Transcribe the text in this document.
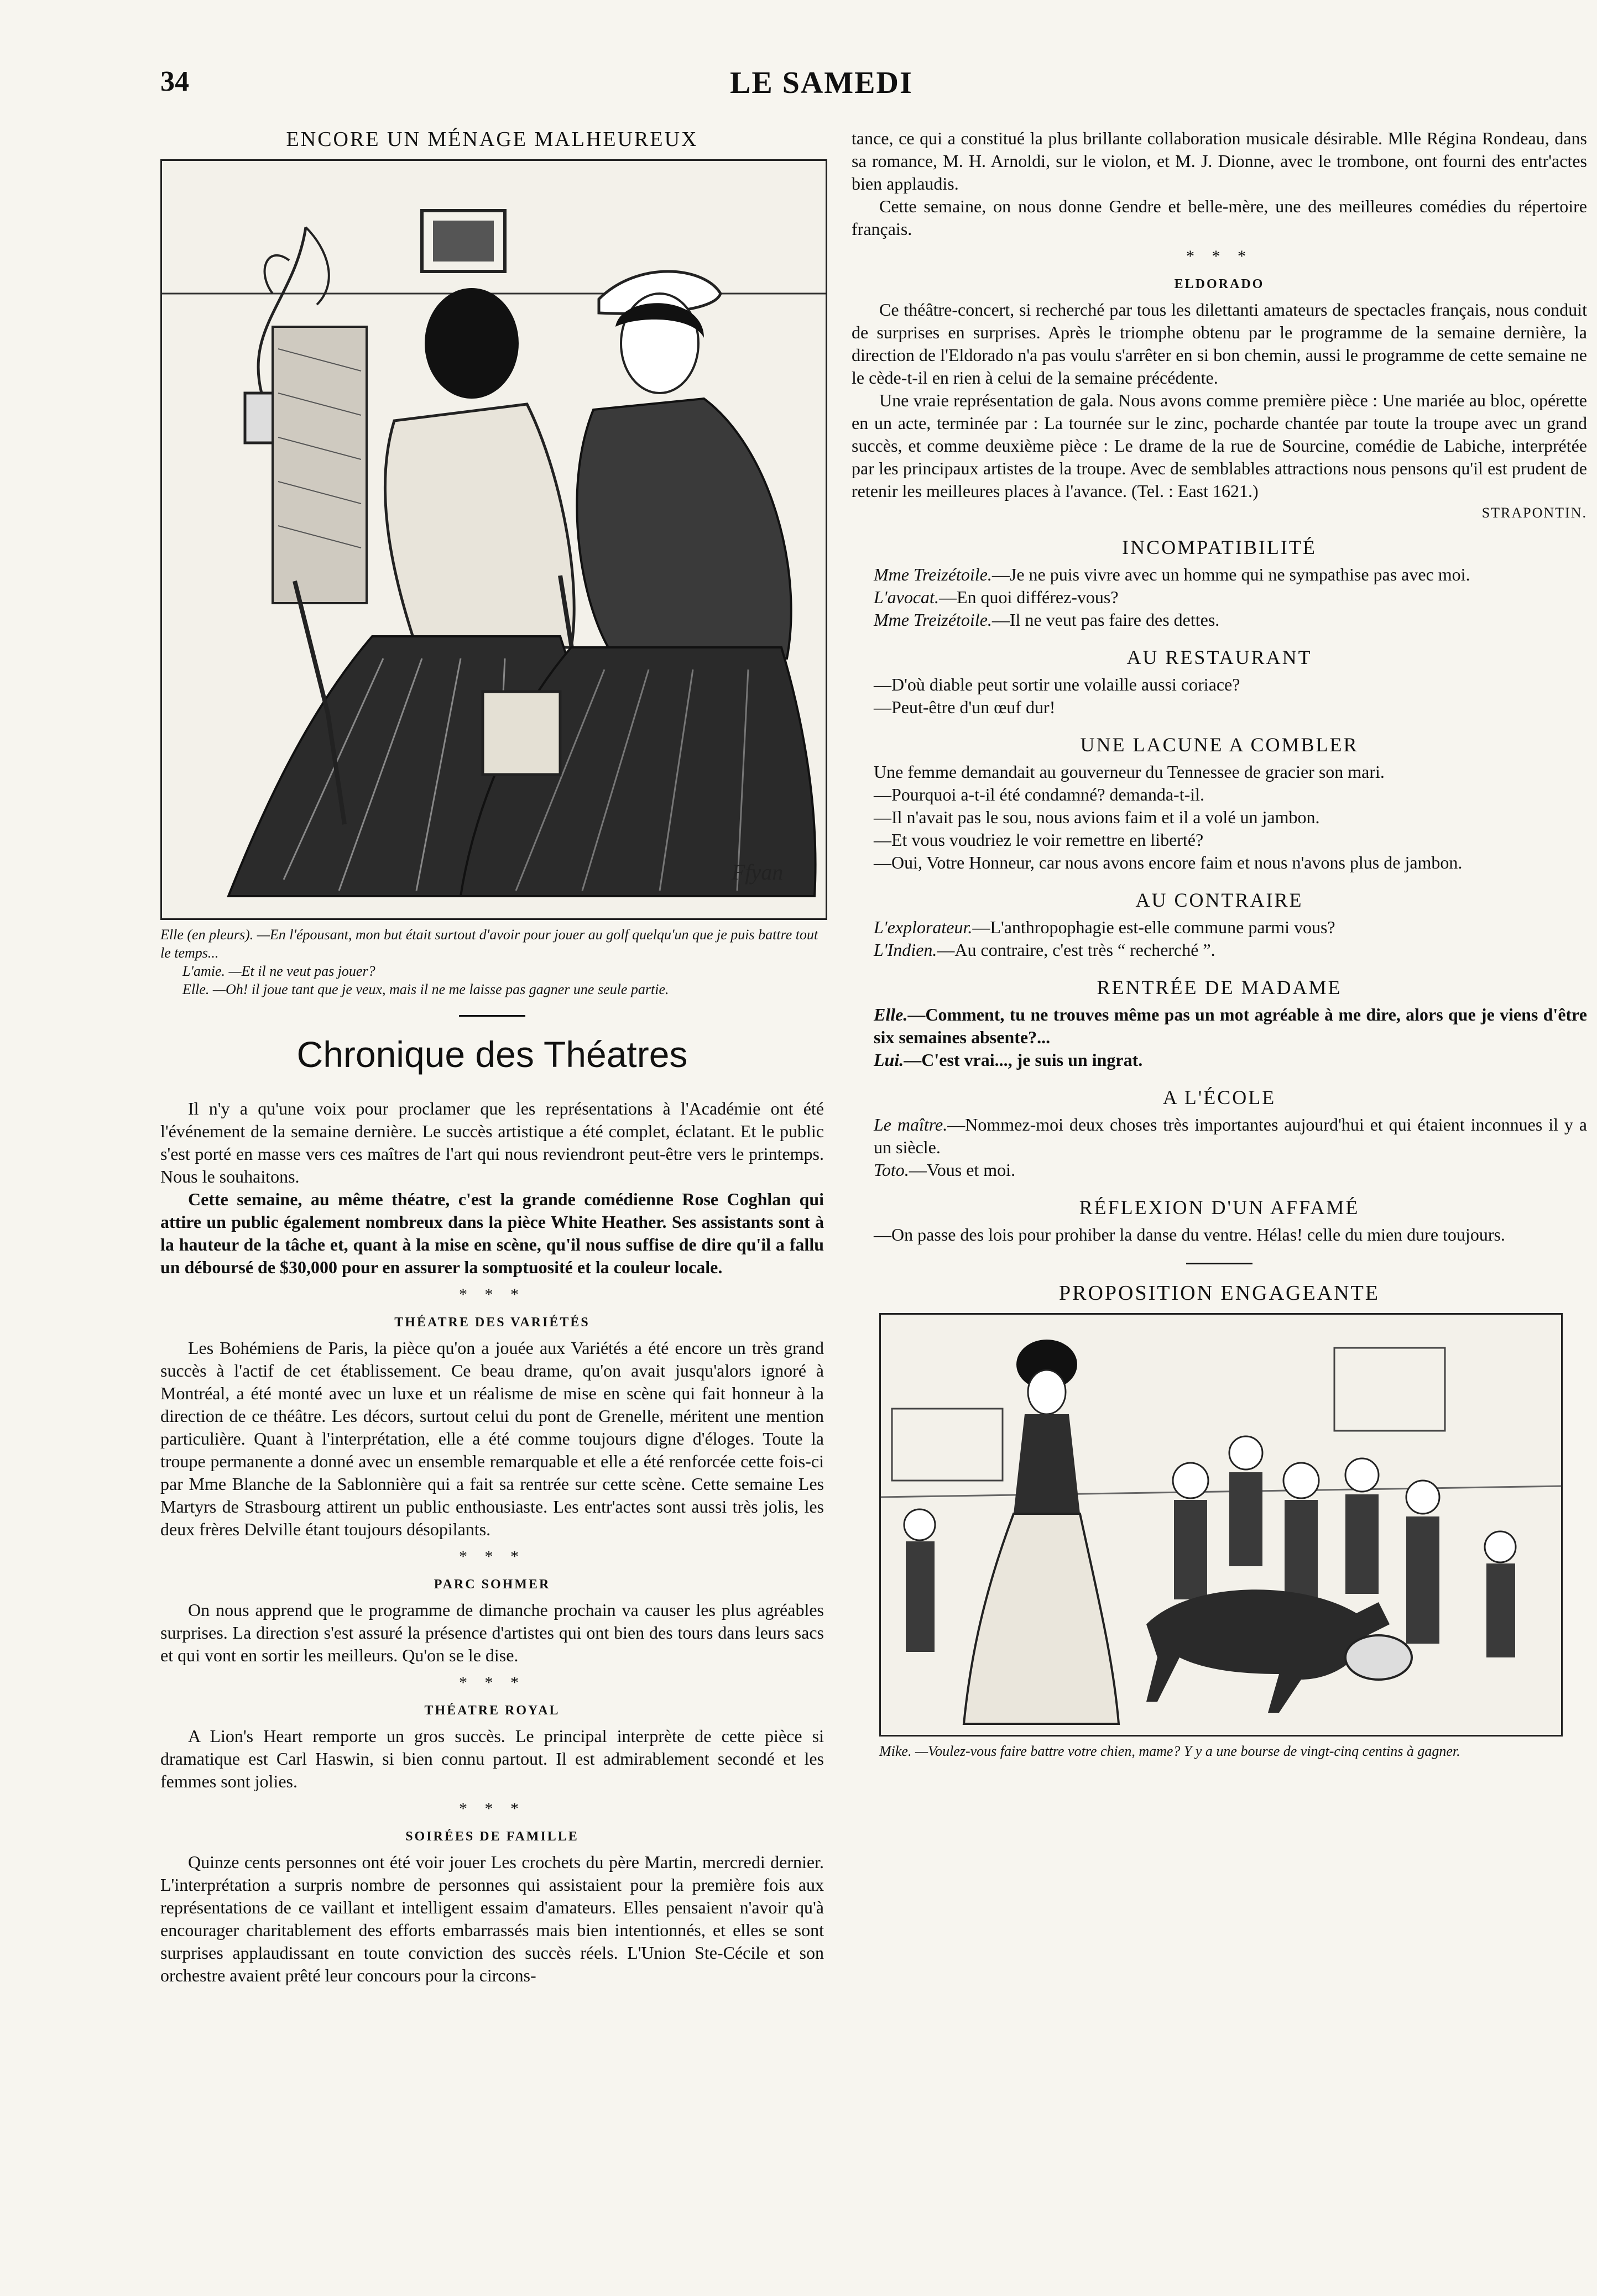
34	LE SAMEDI
ENCORE UN MÉNAGE MALHEUREUX
Ffyan
Elle (en pleurs). —En l'épousant, mon but était surtout d'avoir pour jouer au golf quelqu'un que je puis battre tout le temps...
L'amie. —Et il ne veut pas jouer?
Elle. —Oh! il joue tant que je veux, mais il ne me laisse pas gagner une seule partie.
Chronique des Théatres

Il n'y a qu'une voix pour proclamer que les représentations à l'Académie ont été l'événement de la semaine dernière. Le succès artistique a été complet, éclatant. Et le public s'est porté en masse vers ces maîtres de l'art qui nous reviendront peut-être vers le printemps. Nous le souhaitons.

Cette semaine, au même théatre, c'est la grande comédienne Rose Coghlan qui attire un public également nombreux dans la pièce White Heather. Ses assistants sont à la hauteur de la tâche et, quant à la mise en scène, qu'il nous suffise de dire qu'il a fallu un déboursé de $30,000 pour en assurer la somptuosité et la couleur locale.

* * *
THÉATRE DES VARIÉTÉS

Les Bohémiens de Paris, la pièce qu'on a jouée aux Variétés a été encore un très grand succès à l'actif de cet établissement. Ce beau drame, qu'on avait jusqu'alors ignoré à Montréal, a été monté avec un luxe et un réalisme de mise en scène qui fait honneur à la direction de ce théâtre. Les décors, surtout celui du pont de Grenelle, méritent une mention particulière. Quant à l'interprétation, elle a été comme toujours digne d'éloges. Toute la troupe permanente a donné avec un ensemble remarquable et elle a été renforcée cette fois-ci par Mme Blanche de la Sablonnière qui a fait sa rentrée sur cette scène. Cette semaine Les Martyrs de Strasbourg attirent un public enthousiaste. Les entr'actes sont aussi très jolis, les deux frères Delville étant toujours désopilants.

* * *
PARC SOHMER

On nous apprend que le programme de dimanche prochain va causer les plus agréables surprises. La direction s'est assuré la présence d'artistes qui ont bien des tours dans leurs sacs et qui vont en sortir les meilleurs. Qu'on se le dise.

* * *
THÉATRE ROYAL

A Lion's Heart remporte un gros succès. Le principal interprète de cette pièce si dramatique est Carl Haswin, si bien connu partout. Il est admirablement secondé et les femmes sont jolies.

* * *
SOIRÉES DE FAMILLE

Quinze cents personnes ont été voir jouer Les crochets du père Martin, mercredi dernier. L'interprétation a surpris nombre de personnes qui assistaient pour la première fois aux représentations de ce vaillant et intelligent essaim d'amateurs. Elles pensaient n'avoir qu'à encourager charitablement des efforts embarrassés mais bien intentionnés, et elles se sont surprises applaudissant en toute conviction des succès réels. L'Union Ste-Cécile et son orchestre avaient prêté leur concours pour la circons-

tance, ce qui a constitué la plus brillante collaboration musicale désirable. Mlle Régina Rondeau, dans sa romance, M. H. Arnoldi, sur le violon, et M. J. Dionne, avec le trombone, ont fourni des entr'actes bien applaudis.

Cette semaine, on nous donne Gendre et belle-mère, une des meilleures comédies du répertoire français.

* * *
ELDORADO

Ce théâtre-concert, si recherché par tous les dilettanti amateurs de spectacles français, nous conduit de surprises en surprises. Après le triomphe obtenu par le programme de la semaine dernière, la direction de l'Eldorado n'a pas voulu s'arrêter en si bon chemin, aussi le programme de cette semaine ne le cède-t-il en rien à celui de la semaine précédente.

Une vraie représentation de gala. Nous avons comme première pièce : Une mariée au bloc, opérette en un acte, terminée par : La tournée sur le zinc, pocharde chantée par toute la troupe avec un grand succès, et comme deuxième pièce : Le drame de la rue de Sourcine, comédie de Labiche, interprétée par les principaux artistes de la troupe. Avec de semblables attractions nous pensons qu'il est prudent de retenir les meilleures places à l'avance. (Tel. : East 1621.)

STRAPONTIN.
INCOMPATIBILITÉ
Mme Treizétoile.—Je ne puis vivre avec un homme qui ne sympathise pas avec moi.
L'avocat.—En quoi différez-vous?
Mme Treizétoile.—Il ne veut pas faire des dettes.
AU RESTAURANT
—D'où diable peut sortir une volaille aussi coriace?
—Peut-être d'un œuf dur!
UNE LACUNE A COMBLER
Une femme demandait au gouverneur du Tennessee de gracier son mari.
—Pourquoi a-t-il été condamné? demanda-t-il.
—Il n'avait pas le sou, nous avions faim et il a volé un jambon.
—Et vous voudriez le voir remettre en liberté?
—Oui, Votre Honneur, car nous avons encore faim et nous n'avons plus de jambon.
AU CONTRAIRE
L'explorateur.—L'anthropophagie est-elle commune parmi vous?
L'Indien.—Au contraire, c'est très “ recherché ”.
RENTRÉE DE MADAME
Elle.—Comment, tu ne trouves même pas un mot agréable à me dire, alors que je viens d'être six semaines absente?...
Lui.—C'est vrai..., je suis un ingrat.
A L'ÉCOLE
Le maître.—Nommez-moi deux choses très importantes aujourd'hui et qui étaient inconnues il y a un siècle.
Toto.—Vous et moi.
RÉFLEXION D'UN AFFAMÉ
—On passe des lois pour prohiber la danse du ventre. Hélas! celle du mien dure toujours.
PROPOSITION ENGAGEANTE
Mike. —Voulez-vous faire battre votre chien, mame? Y y a une bourse de vingt-cinq centins à gagner.
